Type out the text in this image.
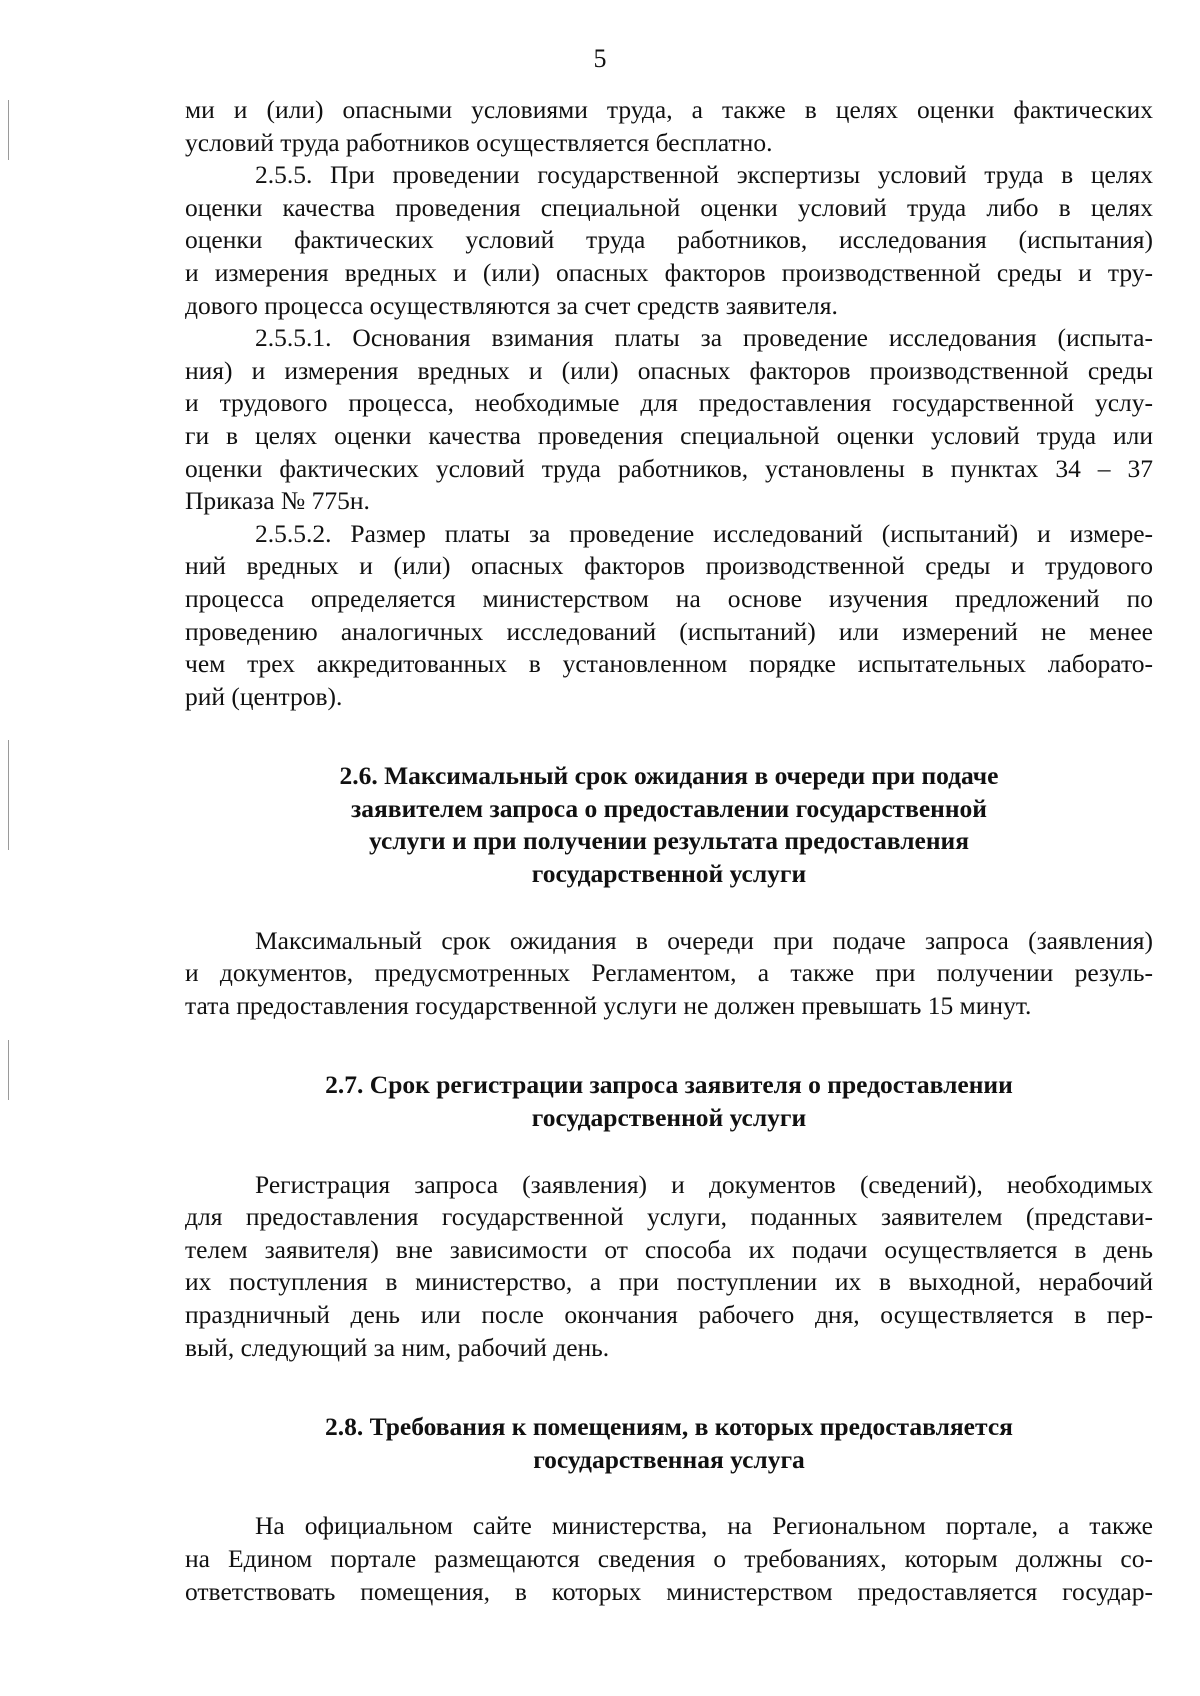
5
ми и (или) опасными условиями труда, а также в целях оценки фактических
условий труда работников осуществляется бесплатно.
2.5.5. При проведении государственной экспертизы условий труда в целях
оценки качества проведения специальной оценки условий труда либо в целях
оценки фактических условий труда работников, исследования (испытания)
и измерения вредных и (или) опасных факторов производственной среды и тру-
дового процесса осуществляются за счет средств заявителя.
2.5.5.1. Основания взимания платы за проведение исследования (испыта-
ния) и измерения вредных и (или) опасных факторов производственной среды
и трудового процесса, необходимые для предоставления государственной услу-
ги в целях оценки качества проведения специальной оценки условий труда или
оценки фактических условий труда работников, установлены в пунктах 34 – 37
Приказа № 775н.
2.5.5.2. Размер платы за проведение исследований (испытаний) и измере-
ний вредных и (или) опасных факторов производственной среды и трудового
процесса определяется министерством на основе изучения предложений по
проведению аналогичных исследований (испытаний) или измерений не менее
чем трех аккредитованных в установленном порядке испытательных лаборато-
рий (центров).
2.6. Максимальный срок ожидания в очереди при подаче
заявителем запроса о предоставлении государственной
услуги и при получении результата предоставления
государственной услуги
Максимальный срок ожидания в очереди при подаче запроса (заявления)
и документов, предусмотренных Регламентом, а также при получении резуль-
тата предоставления государственной услуги не должен превышать 15 минут.
2.7. Срок регистрации запроса заявителя о предоставлении
государственной услуги
Регистрация запроса (заявления) и документов (сведений), необходимых
для предоставления государственной услуги, поданных заявителем (представи-
телем заявителя) вне зависимости от способа их подачи осуществляется в день
их поступления в министерство, а при поступлении их в выходной, нерабочий
праздничный день или после окончания рабочего дня, осуществляется в пер-
вый, следующий за ним, рабочий день.
2.8. Требования к помещениям, в которых предоставляется
государственная услуга
На официальном сайте министерства, на Региональном портале, а также
на Едином портале размещаются сведения о требованиях, которым должны со-
ответствовать помещения, в которых министерством предоставляется государ-
